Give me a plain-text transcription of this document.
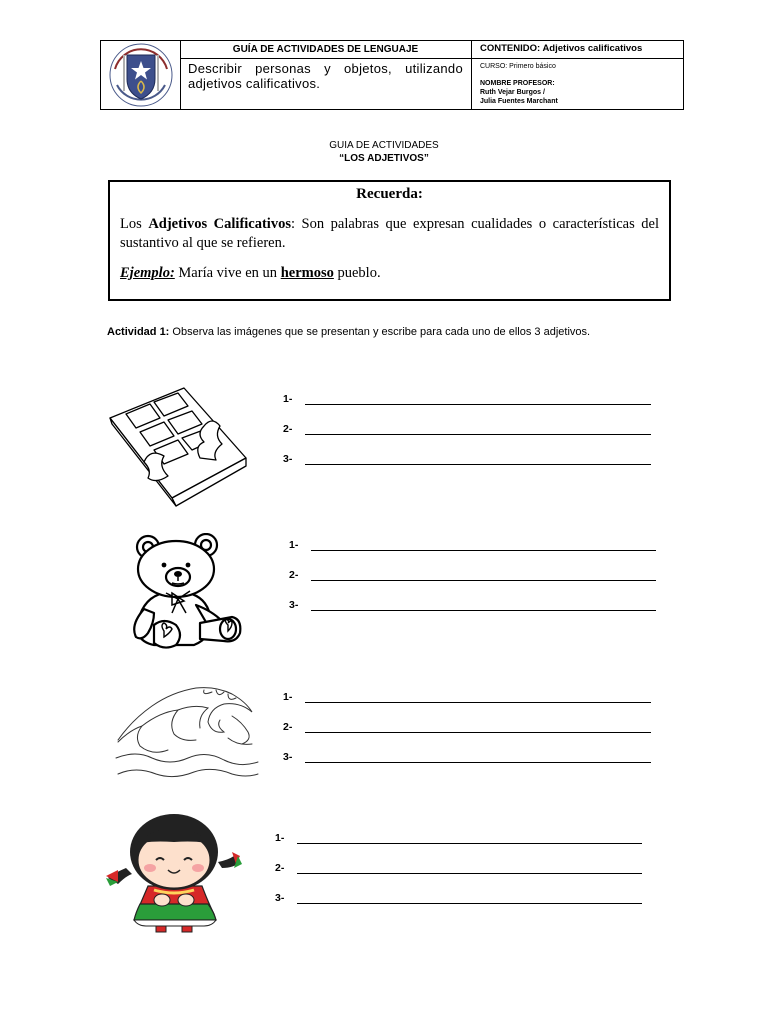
GUÍA DE ACTIVIDADES DE LENGUAJE
Describir personas y objetos, utilizando adjetivos calificativos.
CONTENIDO: Adjetivos calificativos
CURSO: Primero básico
NOMBRE PROFESOR:
Ruth Vejar Burgos /
Julia Fuentes Marchant
GUIA DE ACTIVIDADES
“LOS ADJETIVOS”
Recuerda:
Los Adjetivos Calificativos: Son palabras que expresan cualidades o características del sustantivo al que se refieren.
Ejemplo: María vive en un hermoso pueblo.
Actividad 1: Observa las imágenes que se presentan y escribe para cada uno de ellos 3 adjetivos.
1-
2-
3-
1-
2-
3-
1-
2-
3-
1-
2-
3-
